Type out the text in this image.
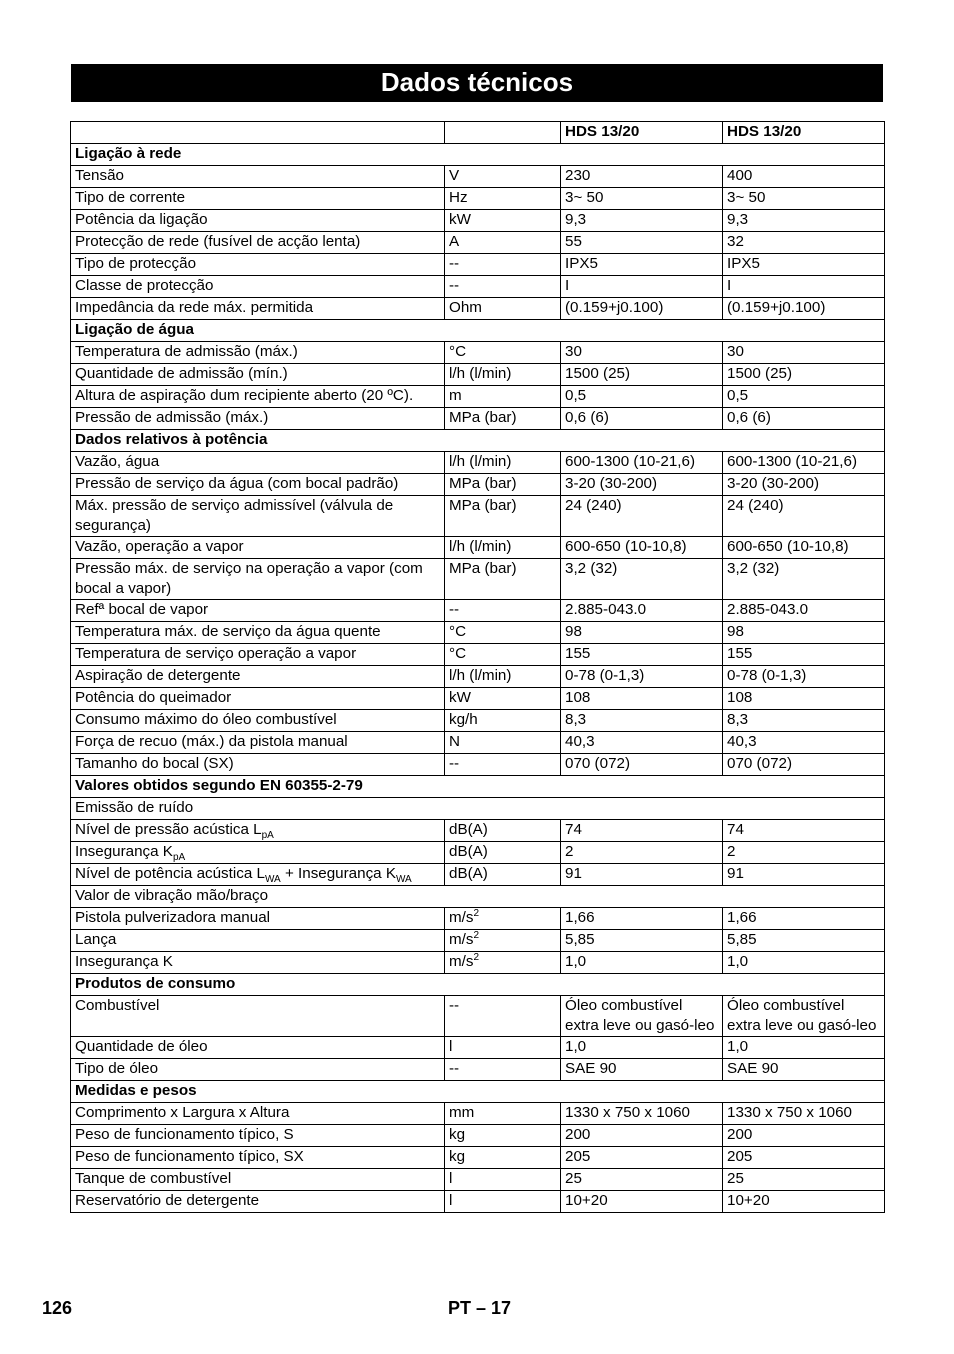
Dados técnicos
		HDS 13/20	HDS 13/20
Ligação à rede			
Tensão	V	230	400
Tipo de corrente	Hz	3~ 50	3~ 50
Potência da ligação	kW	9,3	9,3
Protecção de rede (fusível de acção lenta)	A	55	32
Tipo de protecção	--	IPX5	IPX5
Classe de protecção	--	I	I
Impedância da rede máx. permitida	Ohm	(0.159+j0.100)	(0.159+j0.100)
Ligação de água			
Temperatura de admissão (máx.)	°C	30	30
Quantidade de admissão (mín.)	l/h (l/min)	1500 (25)	1500 (25)
Altura de aspiração dum recipiente aberto (20 ºC).	m	0,5	0,5
Pressão de admissão (máx.)	MPa (bar)	0,6 (6)	0,6 (6)
Dados relativos à potência			
Vazão, água	l/h (l/min)	600-1300 (10-21,6)	600-1300 (10-21,6)
Pressão de serviço da água (com bocal padrão)	MPa (bar)	3-20 (30-200)	3-20 (30-200)
Máx. pressão de serviço admissível (válvula de segurança)	MPa (bar)	24 (240)	24 (240)
Vazão, operação a vapor	l/h (l/min)	600-650 (10-10,8)	600-650 (10-10,8)
Pressão máx. de serviço na operação a vapor (com bocal a vapor)	MPa (bar)	3,2 (32)	3,2 (32)
Refª bocal de vapor	--	2.885-043.0	2.885-043.0
Temperatura máx. de serviço da água quente	°C	98	98
Temperatura de serviço operação a vapor	°C	155	155
Aspiração de detergente	l/h (l/min)	0-78 (0-1,3)	0-78 (0-1,3)
Potência do queimador	kW	108	108
Consumo máximo do óleo combustível	kg/h	8,3	8,3
Força de recuo (máx.) da pistola manual	N	40,3	40,3
Tamanho do bocal (SX)	--	070 (072)	070 (072)
Valores obtidos segundo EN 60355-2-79			
Emissão de ruído			
Nível de pressão acústica $L_{pA}$	dB(A)	74	74
Insegurança $K_{pA}$	dB(A)	2	2
Nível de potência acústica $L_{WA}$ + Insegurança $K_{WA}$	dB(A)	91	91
Valor de vibração mão/braço			
Pistola pulverizadora manual	$m/s^2$	1,66	1,66
Lança	$m/s^2$	5,85	5,85
Insegurança K	$m/s^2$	1,0	1,0
Produtos de consumo			
Combustível	--	Óleo combustível extra leve ou gasó-leo	Óleo combustível extra leve ou gasó-leo
Quantidade de óleo	l	1,0	1,0
Tipo de óleo	--	SAE 90	SAE 90
Medidas e pesos			
Comprimento x Largura x Altura	mm	1330 x 750 x 1060	1330 x 750 x 1060
Peso de funcionamento típico, S	kg	200	200
Peso de funcionamento típico, SX	kg	205	205
Tanque de combustível	l	25	25
Reservatório de detergente	l	10+20	10+20
126	PT – 17
